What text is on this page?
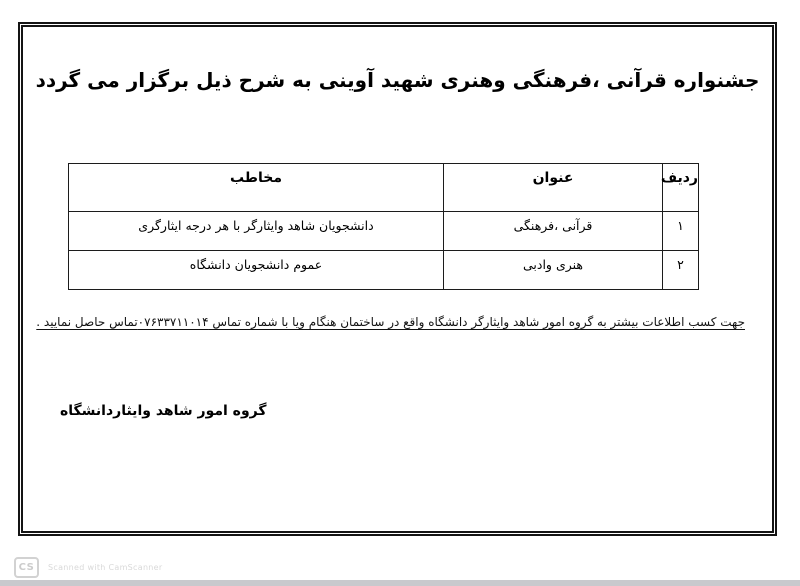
جشنواره قرآنی ،فرهنگی وهنری شهید آوینی به شرح ذیل برگزار می گردد
ردیف	عنوان	مخاطب
۱	قرآنی ،فرهنگی	دانشجویان شاهد وایثارگر با هر درجه ایثارگری
۲	هنری وادبی	عموم دانشجویان دانشگاه
جهت کسب اطلاعات بیشتر به گروه امور شاهد وایثارگر دانشگاه واقع در ساختمان هنگام ویا با شماره تماس ۰۷۶۳۳۷۱۱۰۱۴تماس حاصل نمایید .
گروه امور شاهد وایثاردانشگاه
CS	Scanned with CamScanner
